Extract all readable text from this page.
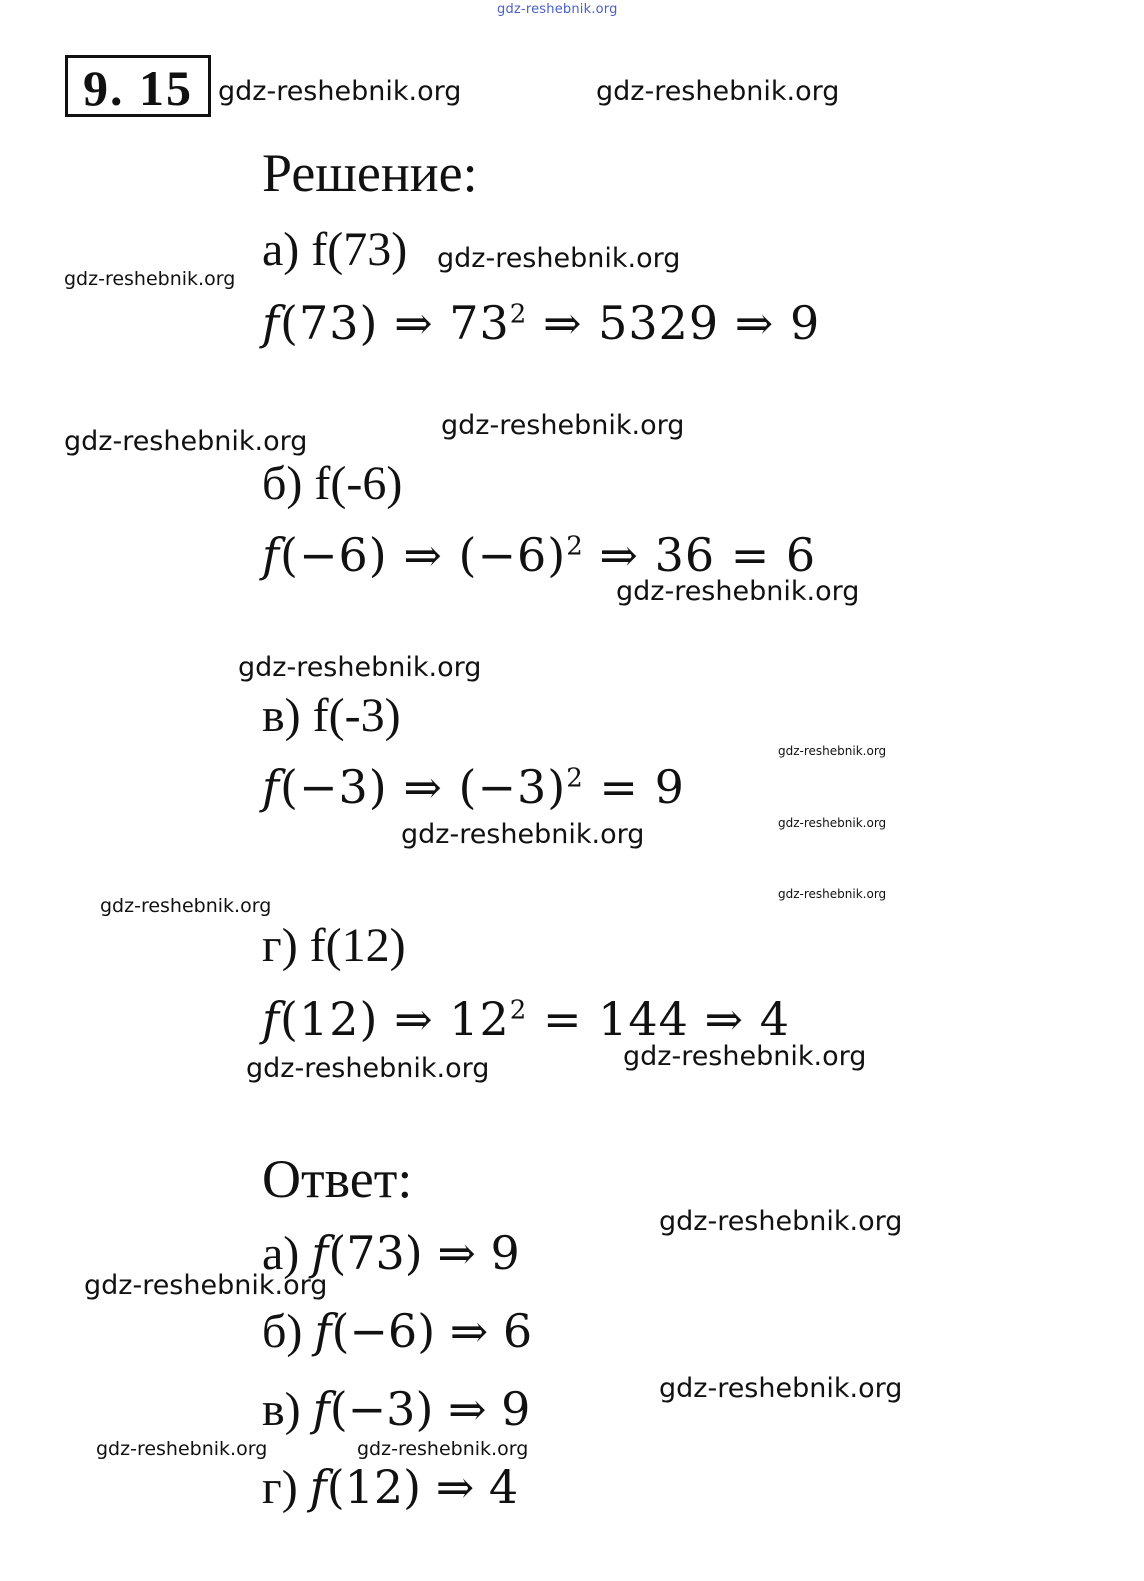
gdz-reshebnik.org
gdz-reshebnik.org	gdz-reshebnik.org
gdz-reshebnik.org
gdz-reshebnik.org
gdz-reshebnik.org
gdz-reshebnik.org
gdz-reshebnik.org
gdz-reshebnik.org
gdz-reshebnik.org
gdz-reshebnik.org
gdz-reshebnik.org
gdz-reshebnik.org
gdz-reshebnik.org
gdz-reshebnik.org
gdz-reshebnik.org
gdz-reshebnik.org
gdz-reshebnik.org
gdz-reshebnik.org
gdz-reshebnik.org	gdz-reshebnik.org
9. 15
Решение:
а) f(73)
f(73) ⇒ $73^2$ ⇒ 5329 ⇒ 9
б) f(-6)
f(−6) ⇒ $(-6)^2$ ⇒ 36 = 6
в) f(-3)
f(−3) ⇒ $(-3)^2 = 9$
г) f(12)
f(12) ⇒ $12^2 = 144$ ⇒ 4
Ответ:
а) f(73) ⇒ 9
б) f(−6) ⇒ 6
в) f(−3) ⇒ 9
г) f(12) ⇒ 4
